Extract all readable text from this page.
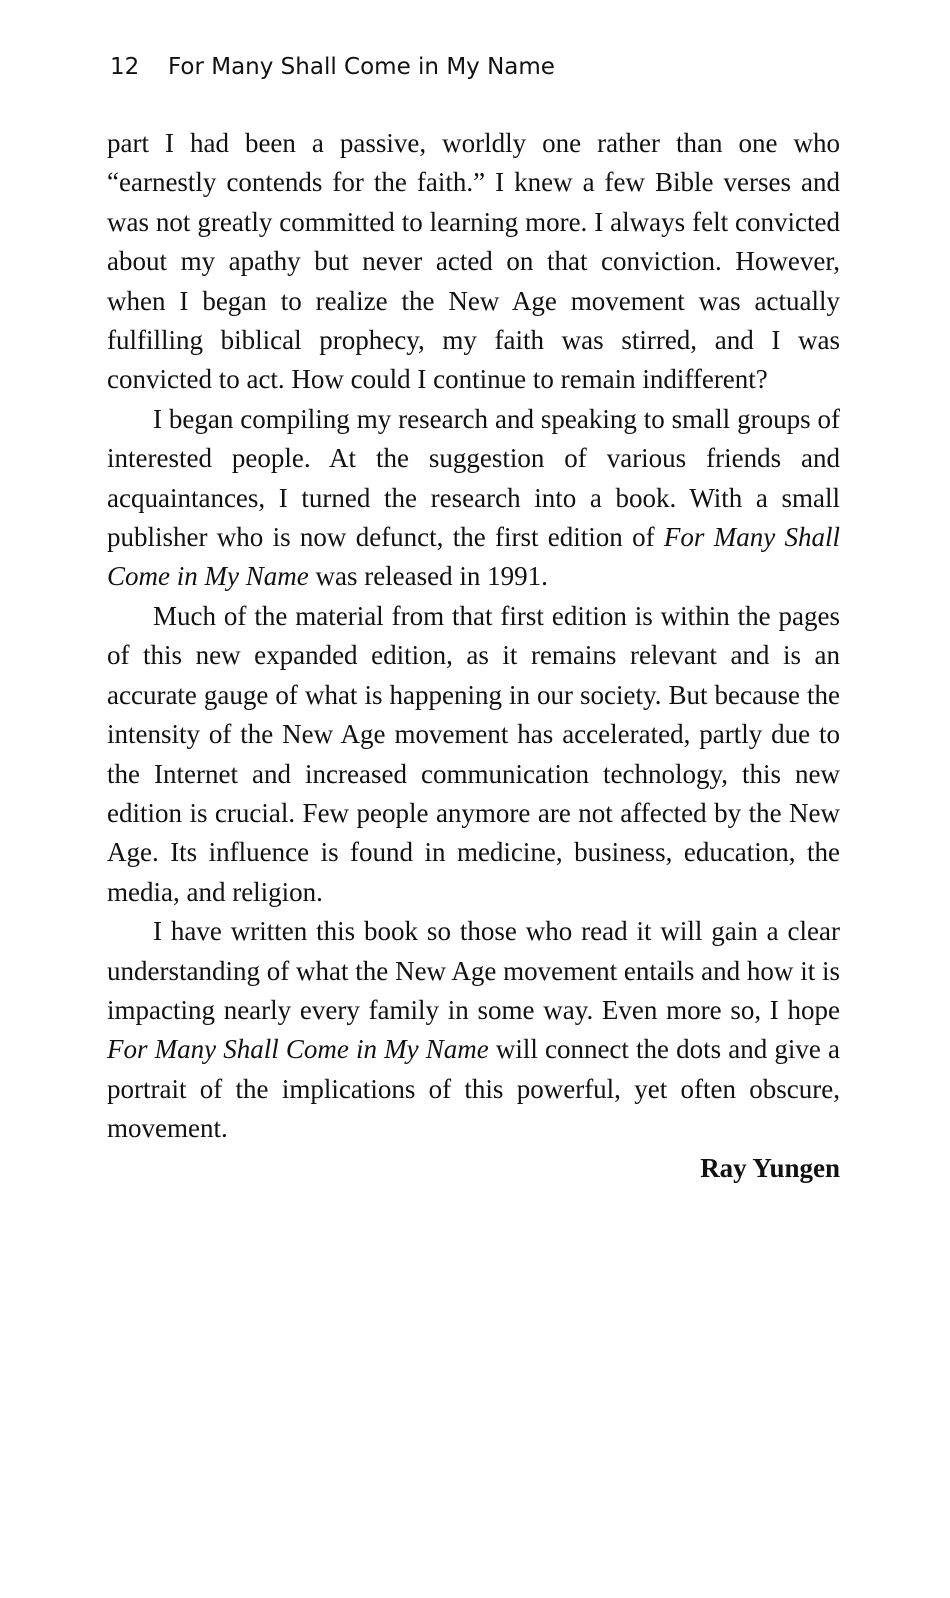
12 For Many Shall Come in My Name

part I had been a passive, worldly one rather than one who “earnestly contends for the faith.” I knew a few Bible verses and was not greatly committed to learning more. I always felt convicted about my apathy but never acted on that conviction. However, when I began to realize the New Age movement was actually fulfilling biblical prophecy, my faith was stirred, and I was convicted to act. How could I continue to remain indifferent?

I began compiling my research and speaking to small groups of interested people. At the suggestion of various friends and acquaintances, I turned the research into a book. With a small publisher who is now defunct, the first edition of For Many Shall Come in My Name was released in 1991.

Much of the material from that first edition is within the pages of this new expanded edition, as it remains relevant and is an accurate gauge of what is happening in our society. But because the intensity of the New Age movement has accelerated, partly due to the Internet and increased communication technology, this new edition is crucial. Few people anymore are not affected by the New Age. Its influence is found in medicine, business, education, the media, and religion.

I have written this book so those who read it will gain a clear understanding of what the New Age movement entails and how it is impacting nearly every family in some way. Even more so, I hope For Many Shall Come in My Name will connect the dots and give a portrait of the implications of this powerful, yet often obscure, movement.

Ray Yungen
